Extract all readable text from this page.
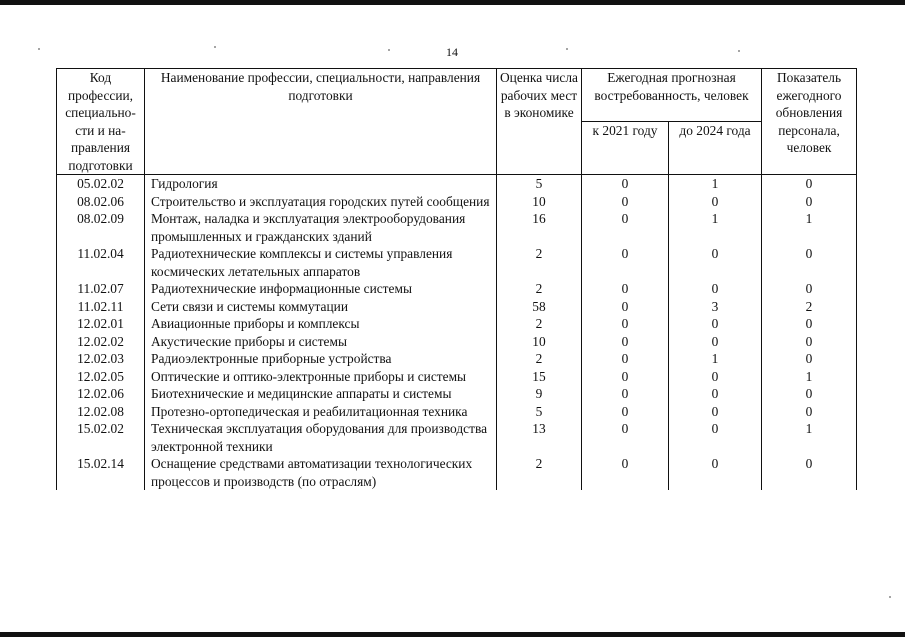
14
Код профессии, специально-сти и на-правления подготовки	Наименование профессии, специальности, направления подготовки	Оценка числа рабочих мест в экономике	Ежегодная прогнозная востребованность, человек		Показатель ежегодного обновления персонала, человек
			к 2021 году	до 2024 года	
05.02.02	Гидрология	5	0	1	0
08.02.06	Строительство и эксплуатация городских путей сообщения	10	0	0	0
08.02.09	Монтаж, наладка и эксплуатация электрооборудования промышленных и гражданских зданий	16	0	1	1
11.02.04	Радиотехнические комплексы и системы управления космических летательных аппаратов	2	0	0	0
11.02.07	Радиотехнические информационные системы	2	0	0	0
11.02.11	Сети связи и системы коммутации	58	0	3	2
12.02.01	Авиационные приборы и комплексы	2	0	0	0
12.02.02	Акустические приборы и системы	10	0	0	0
12.02.03	Радиоэлектронные приборные устройства	2	0	1	0
12.02.05	Оптические и оптико-электронные приборы и системы	15	0	0	1
12.02.06	Биотехнические и медицинские аппараты и системы	9	0	0	0
12.02.08	Протезно-ортопедическая и реабилитационная техника	5	0	0	0
15.02.02	Техническая эксплуатация оборудования для производства электронной техники	13	0	0	1
15.02.14	Оснащение средствами автоматизации технологических процессов и производств (по отраслям)	2	0	0	0
